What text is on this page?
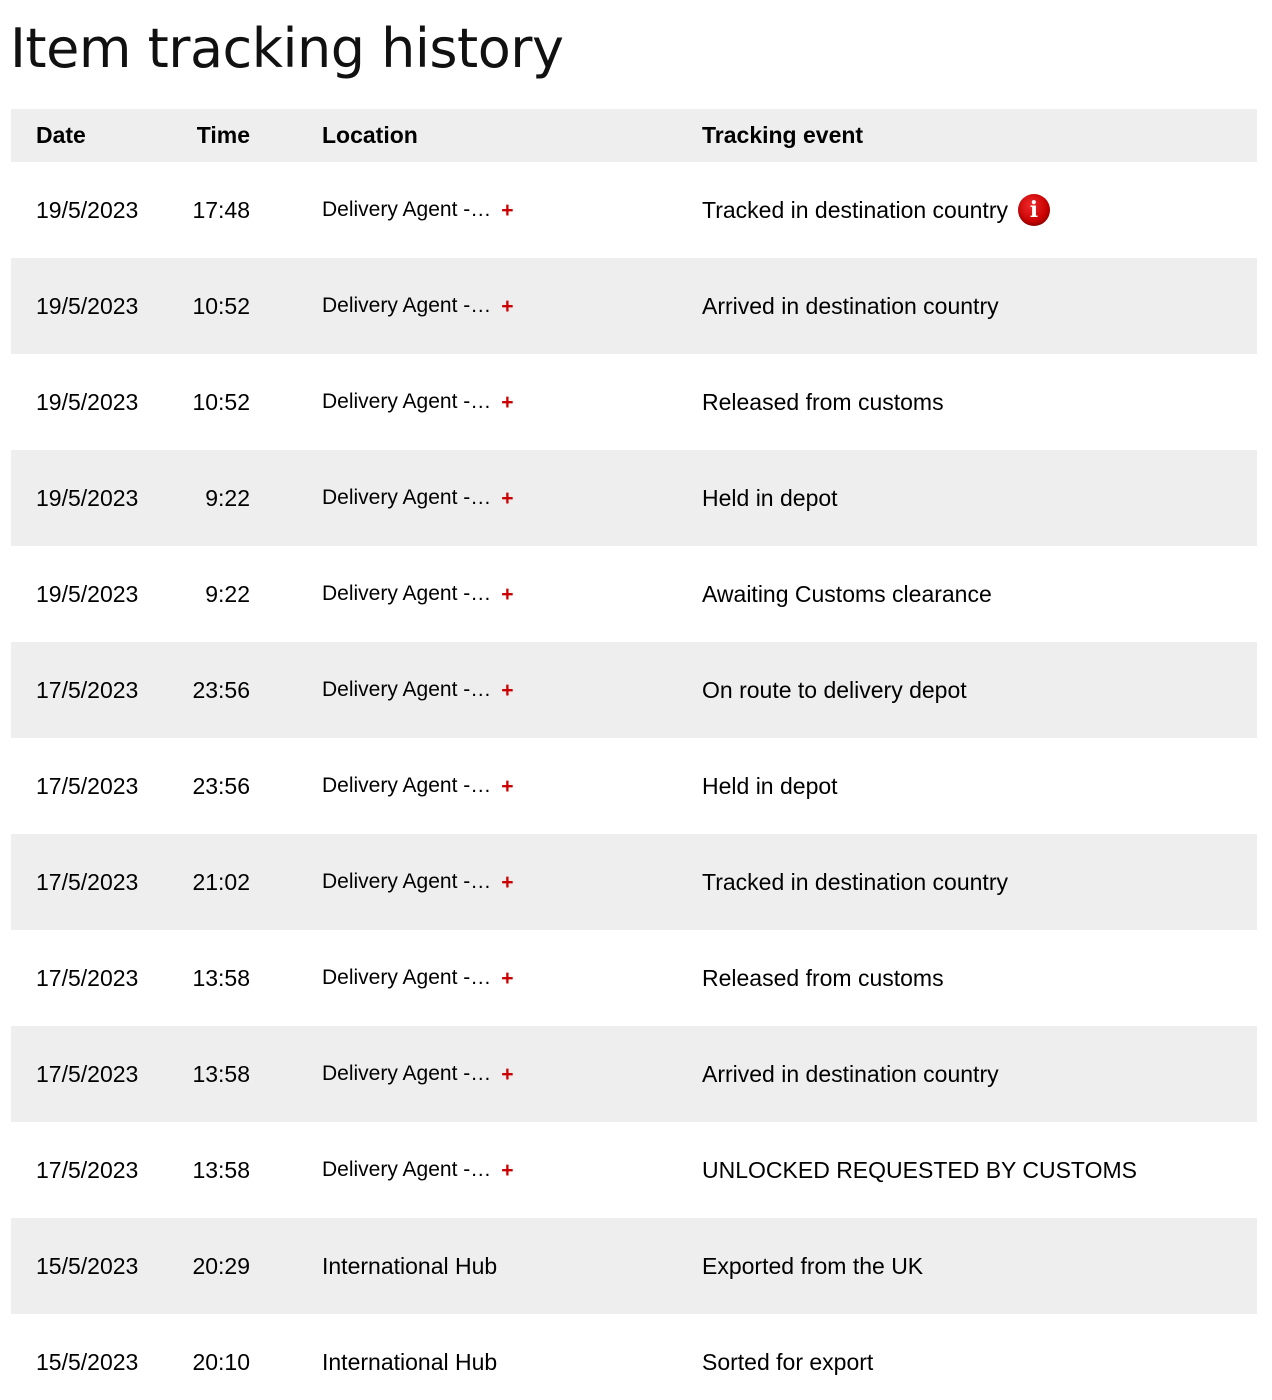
Item tracking history
Date	Time	Location	Tracking event
19/5/2023	17:48	Delivery Agent -… +	Tracked in destination country i
19/5/2023	10:52	Delivery Agent -… +	Arrived in destination country
19/5/2023	10:52	Delivery Agent -… +	Released from customs
19/5/2023	9:22	Delivery Agent -… +	Held in depot
19/5/2023	9:22	Delivery Agent -… +	Awaiting Customs clearance
17/5/2023	23:56	Delivery Agent -… +	On route to delivery depot
17/5/2023	23:56	Delivery Agent -… +	Held in depot
17/5/2023	21:02	Delivery Agent -… +	Tracked in destination country
17/5/2023	13:58	Delivery Agent -… +	Released from customs
17/5/2023	13:58	Delivery Agent -… +	Arrived in destination country
17/5/2023	13:58	Delivery Agent -… +	UNLOCKED REQUESTED BY CUSTOMS
15/5/2023	20:29	International Hub	Exported from the UK
15/5/2023	20:10	International Hub	Sorted for export
